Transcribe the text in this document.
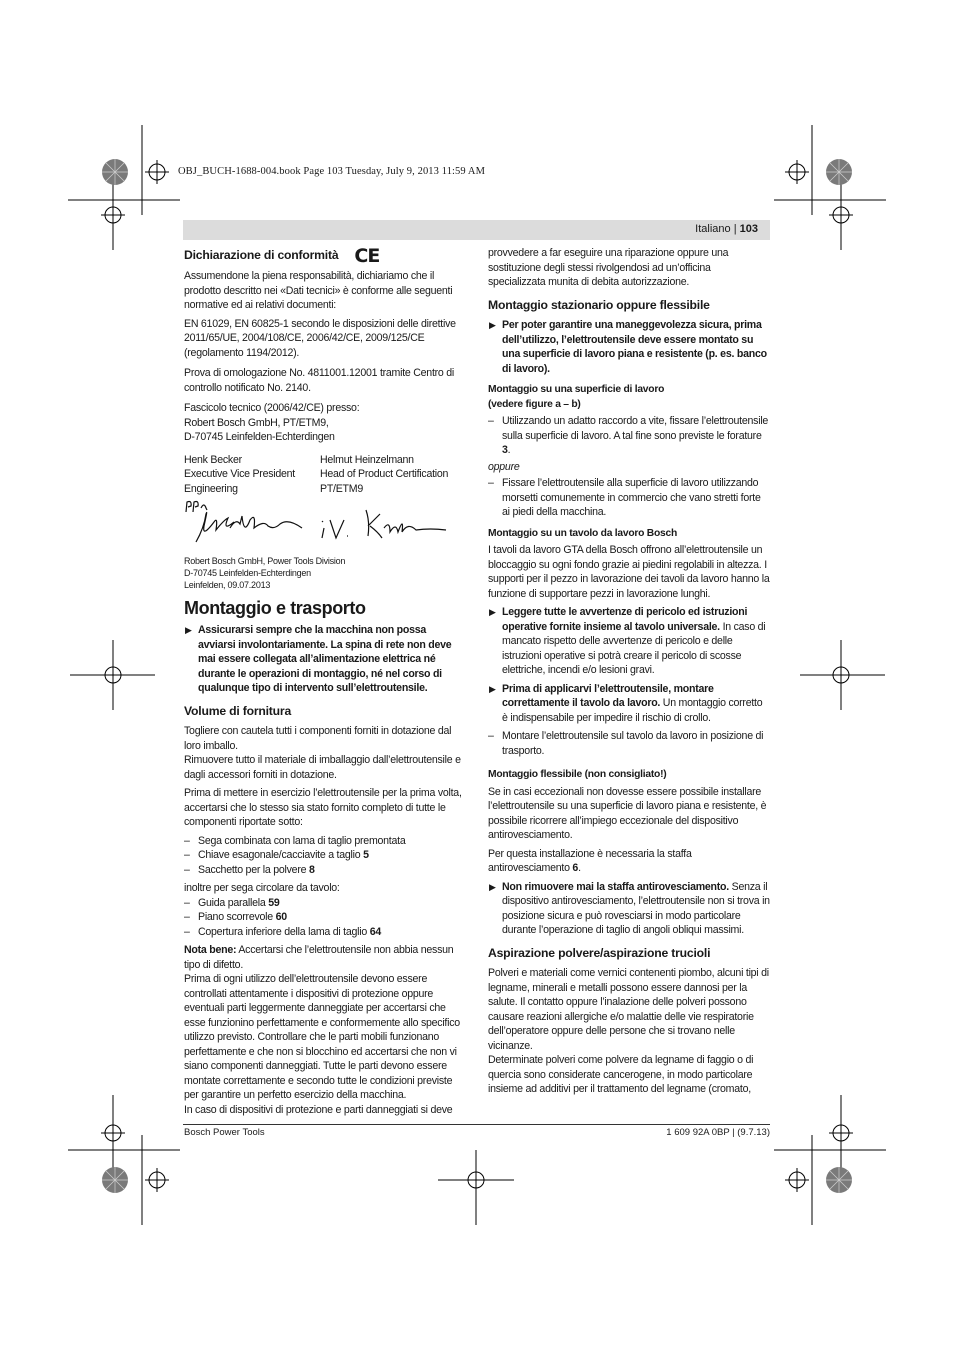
OBJ_BUCH-1688-004.book Page 103 Tuesday, July 9, 2013 11:59 AM
Italiano | 103
Dichiarazione di conformità CE

Assumendone la piena responsabilità, dichiariamo che il prodotto descritto nei «Dati tecnici» è conforme alle seguenti normative ed ai relativi documenti:

EN 61029, EN 60825-1 secondo le disposizioni delle direttive 2011/65/UE, 2004/108/CE, 2006/42/CE, 2009/125/CE (regolamento 1194/2012).

Prova di omologazione No. 4811001.12001 tramite Centro di controllo notificato No. 2140.

Fascicolo tecnico (2006/42/CE) presso:

Robert Bosch GmbH, PT/ETM9,

D-70745 Leinfelden-Echterdingen

Henk Becker
Executive Vice President
Engineering
Helmut Heinzelmann
Head of Product Certification
PT/ETM9
Robert Bosch GmbH, Power Tools Division
D-70745 Leinfelden-Echterdingen
Leinfelden, 09.07.2013
Montaggio e trasporto
▶ Assicurarsi sempre che la macchina non possa avviarsi involontariamente. La spina di rete non deve mai essere collegata all’alimentazione elettrica né durante le operazioni di montaggio, né nel corso di qualunque tipo di intervento sull’elettroutensile.
Volume di fornitura

Togliere con cautela tutti i componenti forniti in dotazione dal loro imballo.

Rimuovere tutto il materiale di imballaggio dall’elettroutensile e dagli accessori forniti in dotazione.

Prima di mettere in esercizio l’elettroutensile per la prima volta, accertarsi che lo stesso sia stato fornito completo di tutte le componenti riportate sotto:

– Sega combinata con lama di taglio premontata
– Chiave esagonale/cacciavite a taglio 5
– Sacchetto per la polvere 8

inoltre per sega circolare da tavolo:

– Guida parallela 59
– Piano scorrevole 60
– Copertura inferiore della lama di taglio 64

Nota bene: Accertarsi che l’elettroutensile non abbia nessun tipo di difetto.

Prima di ogni utilizzo dell’elettroutensile devono essere controllati attentamente i dispositivi di protezione oppure eventuali parti leggermente danneggiate per accertarsi che esse funzionino perfettamente e conformemente allo specifico utilizzo previsto. Controllare che le parti mobili funzionano perfettamente e che non si blocchino ed accertarsi che non vi siano componenti danneggiati. Tutte le parti devono essere montate correttamente e secondo tutte le condizioni previste per garantire un perfetto esercizio della macchina.

In caso di dispositivi di protezione e parti danneggiati si deve

provvedere a far eseguire una riparazione oppure una sostituzione degli stessi rivolgendosi ad un’officina specializzata munita di debita autorizzazione.

Montaggio stazionario oppure flessibile
▶ Per poter garantire una maneggevolezza sicura, prima dell’utilizzo, l’elettroutensile deve essere montato su una superficie di lavoro piana e resistente (p. es. banco di lavoro).
Montaggio su una superficie di lavoro
(vedere figure a – b)
– Utilizzando un adatto raccordo a vite, fissare l’elettroutensile sulla superficie di lavoro. A tal fine sono previste le forature 3.

oppure

– Fissare l’elettroutensile alla superficie di lavoro utilizzando morsetti comunemente in commercio che vano stretti forte ai piedi della macchina.
Montaggio su un tavolo da lavoro Bosch

I tavoli da lavoro GTA della Bosch offrono all’elettroutensile un bloccaggio su ogni fondo grazie ai piedini regolabili in altezza. I supporti per il pezzo in lavorazione dei tavoli da lavoro hanno la funzione di supportare pezzi in lavorazione lunghi.

▶ Leggere tutte le avvertenze di pericolo ed istruzioni operative fornite insieme al tavolo universale. In caso di mancato rispetto delle avvertenze di pericolo e delle istruzioni operative si potrà creare il pericolo di scosse elettriche, incendi e/o lesioni gravi.
▶ Prima di applicarvi l’elettroutensile, montare correttamente il tavolo da lavoro. Un montaggio corretto è indispensabile per impedire il rischio di crollo.
– Montare l’elettroutensile sul tavolo da lavoro in posizione di trasporto.
Montaggio flessibile (non consigliato!)

Se in casi eccezionali non dovesse essere possibile installare l’elettroutensile su una superficie di lavoro piana e resistente, è possibile ricorrere all’impiego eccezionale del dispositivo antirovesciamento.

Per questa installazione è necessaria la staffa antirovesciamento 6.

▶ Non rimuovere mai la staffa antirovesciamento. Senza il dispositivo antirovesciamento, l’elettroutensile non si trova in posizione sicura e può rovesciarsi in modo particolare durante l’operazione di taglio di angoli obliqui massimi.
Aspirazione polvere/aspirazione trucioli

Polveri e materiali come vernici contenenti piombo, alcuni tipi di legname, minerali e metalli possono essere dannosi per la salute. Il contatto oppure l’inalazione delle polveri possono causare reazioni allergiche e/o malattie delle vie respiratorie dell’operatore oppure delle persone che si trovano nelle vicinanze.

Determinate polveri come polvere da legname di faggio o di quercia sono considerate cancerogene, in modo particolare insieme ad additivi per il trattamento del legname (cromato,

Bosch Power Tools	1 609 92A 0BP | (9.7.13)
